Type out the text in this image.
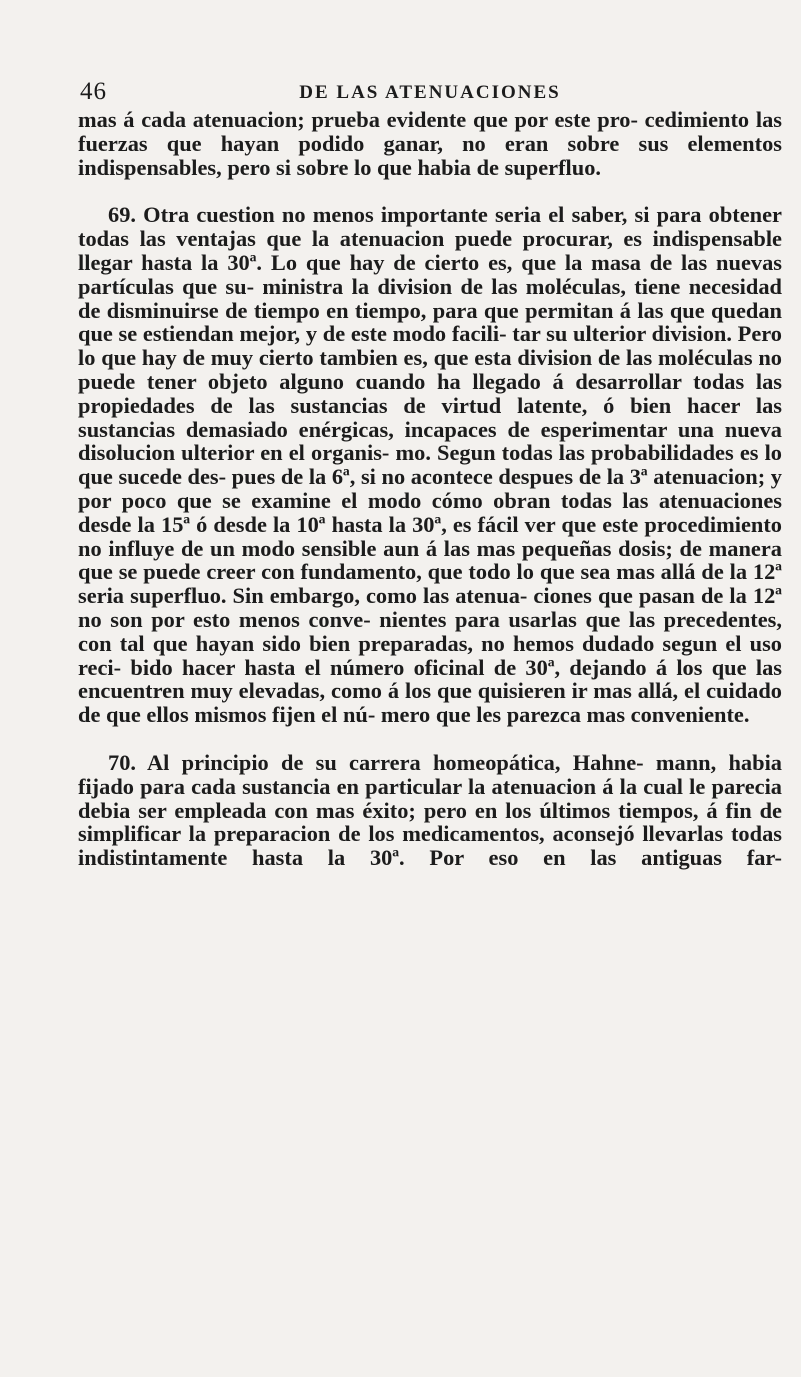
46	DE LAS ATENUACIONES

mas á cada atenuacion; prueba evidente que por este pro- cedimiento las fuerzas que hayan podido ganar, no eran sobre sus elementos indispensables, pero si sobre lo que habia de superfluo.

69. Otra cuestion no menos importante seria el saber, si para obtener todas las ventajas que la atenuacion puede procurar, es indispensable llegar hasta la 30ª. Lo que hay de cierto es, que la masa de las nuevas partículas que su- ministra la division de las moléculas, tiene necesidad de disminuirse de tiempo en tiempo, para que permitan á las que quedan que se estiendan mejor, y de este modo facili- tar su ulterior division. Pero lo que hay de muy cierto tambien es, que esta division de las moléculas no puede tener objeto alguno cuando ha llegado á desarrollar todas las propiedades de las sustancias de virtud latente, ó bien hacer las sustancias demasiado enérgicas, incapaces de esperimentar una nueva disolucion ulterior en el organis- mo. Segun todas las probabilidades es lo que sucede des- pues de la 6ª, si no acontece despues de la 3ª atenuacion; y por poco que se examine el modo cómo obran todas las atenuaciones desde la 15ª ó desde la 10ª hasta la 30ª, es fácil ver que este procedimiento no influye de un modo sensible aun á las mas pequeñas dosis; de manera que se puede creer con fundamento, que todo lo que sea mas allá de la 12ª seria superfluo. Sin embargo, como las atenua- ciones que pasan de la 12ª no son por esto menos conve- nientes para usarlas que las precedentes, con tal que hayan sido bien preparadas, no hemos dudado segun el uso reci- bido hacer hasta el número oficinal de 30ª, dejando á los que las encuentren muy elevadas, como á los que quisieren ir mas allá, el cuidado de que ellos mismos fijen el nú- mero que les parezca mas conveniente.

70. Al principio de su carrera homeopática, Hahne- mann, habia fijado para cada sustancia en particular la atenuacion á la cual le parecia debia ser empleada con mas éxito; pero en los últimos tiempos, á fin de simplificar la preparacion de los medicamentos, aconsejó llevarlas todas indistintamente hasta la 30ª. Por eso en las antiguas far-
